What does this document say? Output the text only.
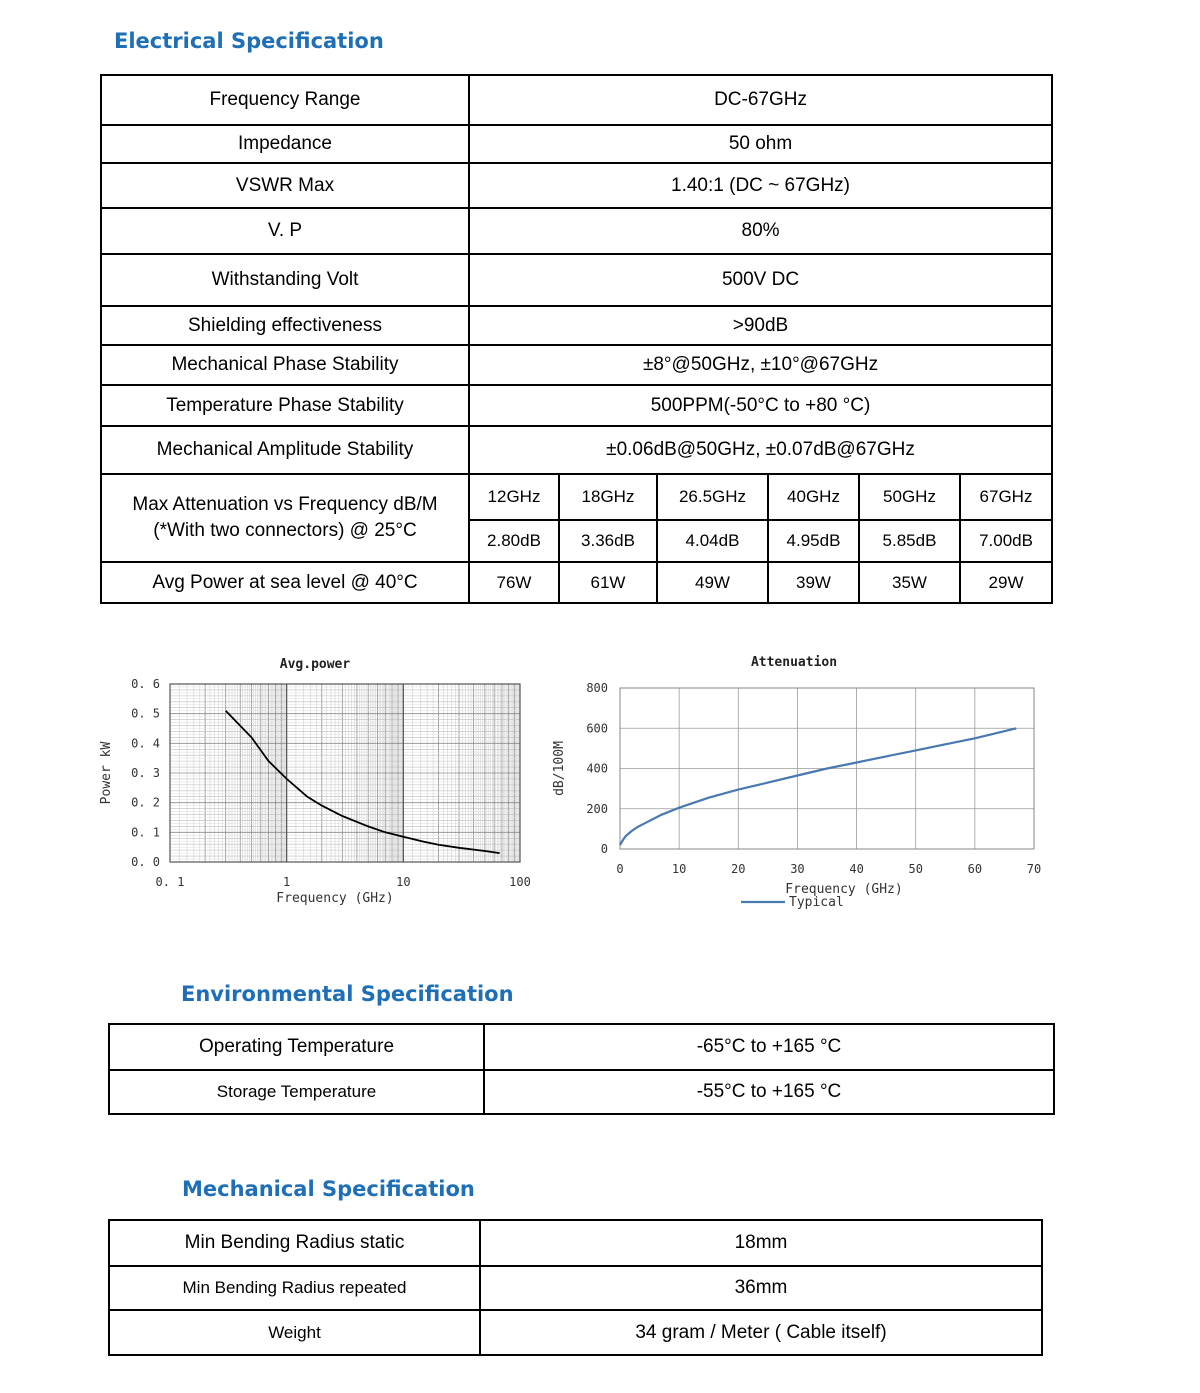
Electrical Specification
Frequency Range	DC-67GHz					
Impedance	50 ohm					
VSWR Max	1.40:1 (DC ~ 67GHz)					
V. P	80%					
Withstanding Volt	500V DC					
Shielding effectiveness	>90dB					
Mechanical Phase Stability	±8°@50GHz, ±10°@67GHz					
Temperature Phase Stability	500PPM(-50°C to +80 °C)					
Mechanical Amplitude Stability	±0.06dB@50GHz, ±0.07dB@67GHz					

Max Attenuation vs Frequency dB/M
(*With two connectors) @ 25°C	12GHz	18GHz	26.5GHz	40GHz	50GHz	67GHz
	2.80dB	3.36dB	4.04dB	4.95dB	5.85dB	7.00dB
Avg Power at sea level @ 40°C	76W	61W	49W	39W	35W	29W
0. 1	1	10	100
0. 0
0. 1
0. 2
0. 3
0. 4
0. 5
0. 6
Avg.power
Frequency (GHz)
Power kW
0	10	20	30	40	50	60	70
0
200
400
600
800
Attenuation
Frequency (GHz)
dB/100M
Typical
Environmental Specification
Operating Temperature	-65°C to +165 °C
Storage Temperature	-55°C to +165 °C
Mechanical Specification
Min Bending Radius static	18mm
Min Bending Radius repeated	36mm
Weight	34 gram / Meter ( Cable itself)
